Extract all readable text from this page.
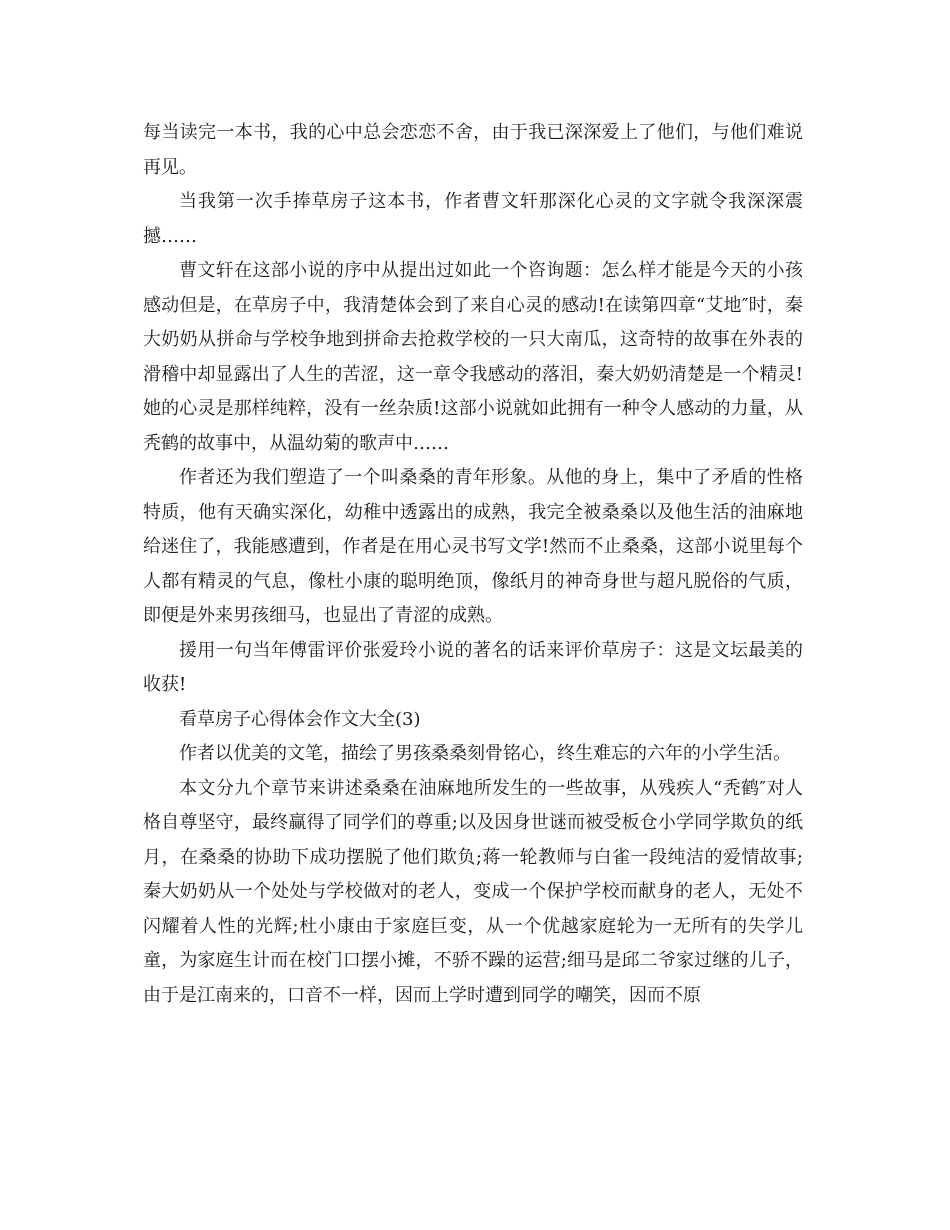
每当读完一本书，我的心中总会恋恋不舍，由于我已深深爱上了他们，与他们难说再见。

当我第一次手捧草房子这本书，作者曹文轩那深化心灵的文字就令我深深震撼……

曹文轩在这部小说的序中从提出过如此一个咨询题：怎么样才能是今天的小孩感动但是，在草房子中，我清楚体会到了来自心灵的感动!在读第四章“艾地″时，秦大奶奶从拼命与学校争地到拼命去抢救学校的一只大南瓜，这奇特的故事在外表的滑稽中却显露出了人生的苦涩，这一章令我感动的落泪，秦大奶奶清楚是一个精灵!她的心灵是那样纯粹，没有一丝杂质!这部小说就如此拥有一种令人感动的力量，从秃鹤的故事中，从温幼菊的歌声中……

作者还为我们塑造了一个叫桑桑的青年形象。从他的身上，集中了矛盾的性格特质，他有天确实深化，幼稚中透露出的成熟，我完全被桑桑以及他生活的油麻地给迷住了，我能感遭到，作者是在用心灵书写文学!然而不止桑桑，这部小说里每个人都有精灵的气息，像杜小康的聪明绝顶，像纸月的神奇身世与超凡脱俗的气质，即便是外来男孩细马，也显出了青涩的成熟。

援用一句当年傅雷评价张爱玲小说的著名的话来评价草房子：这是文坛最美的收获!

看草房子心得体会作文大全(3)

作者以优美的文笔，描绘了男孩桑桑刻骨铭心，终生难忘的六年的小学生活。

本文分九个章节来讲述桑桑在油麻地所发生的一些故事，从残疾人“秃鹤″对人格自尊坚守，最终赢得了同学们的尊重;以及因身世谜而被受板仓小学同学欺负的纸月，在桑桑的协助下成功摆脱了他们欺负;蒋一轮教师与白雀一段纯洁的爱情故事;秦大奶奶从一个处处与学校做对的老人，变成一个保护学校而献身的老人，无处不闪耀着人性的光辉;杜小康由于家庭巨变，从一个优越家庭轮为一无所有的失学儿童，为家庭生计而在校门口摆小摊，不骄不躁的运营;细马是邱二爷家过继的儿子，由于是江南来的，口音不一样，因而上学时遭到同学的嘲笑，因而不原
